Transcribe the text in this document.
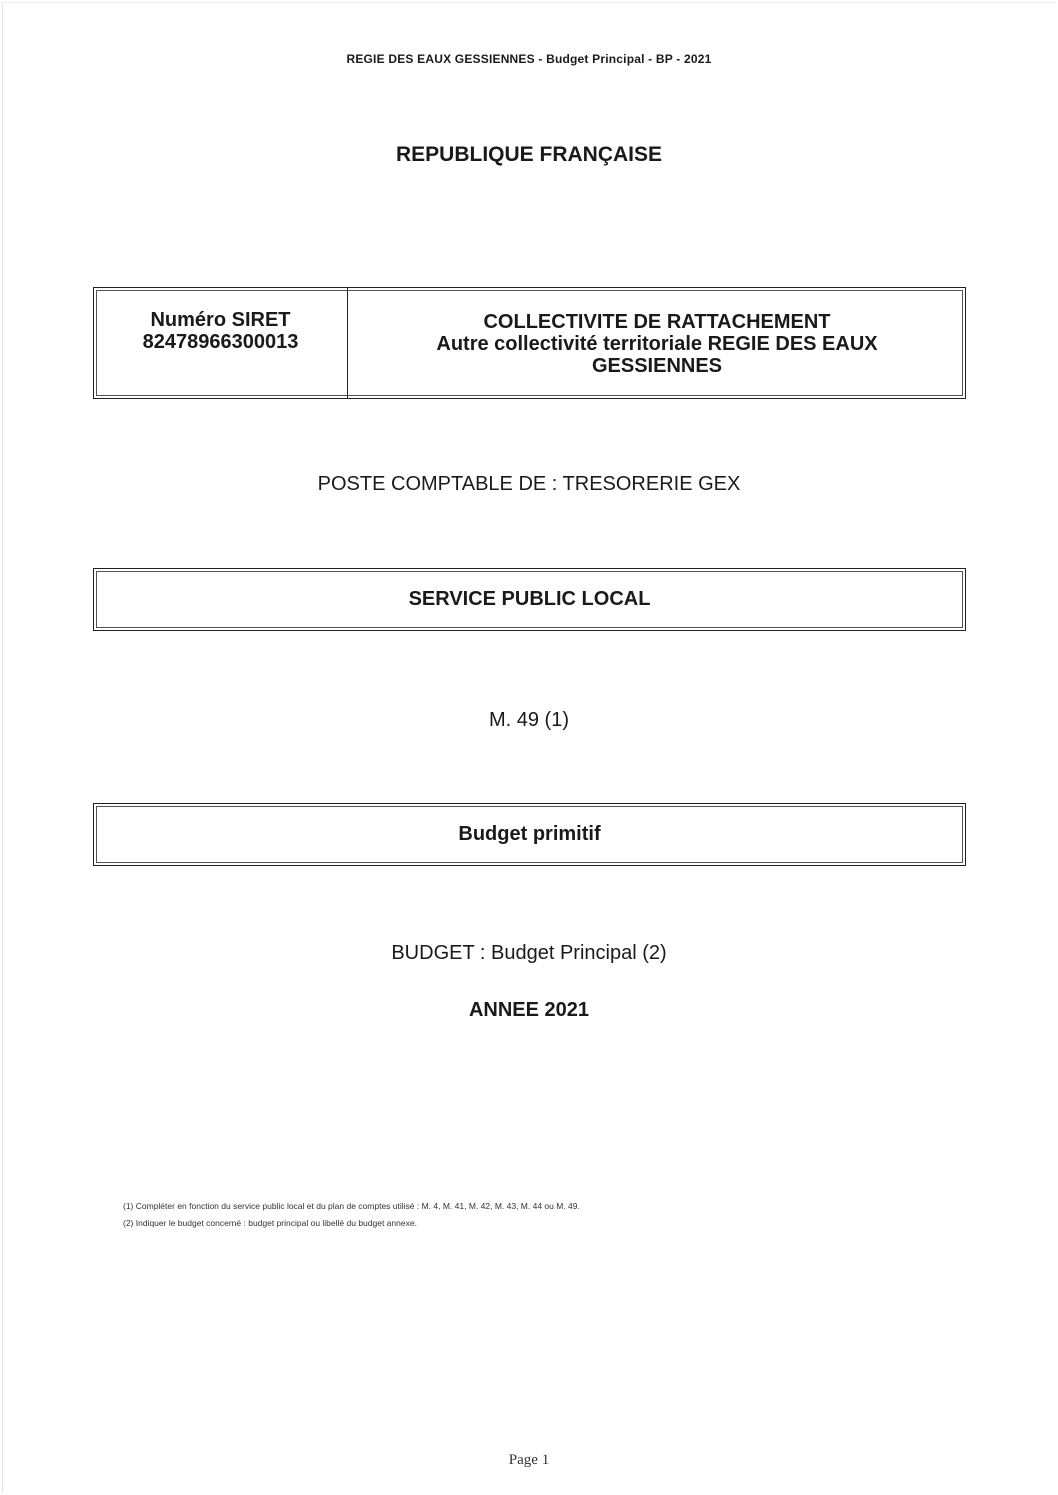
REGIE DES EAUX GESSIENNES - Budget Principal - BP - 2021
REPUBLIQUE FRANÇAISE
Numéro SIRET
82478966300013
COLLECTIVITE DE RATTACHEMENT
Autre collectivité territoriale REGIE DES EAUX
GESSIENNES
POSTE COMPTABLE DE : TRESORERIE GEX
SERVICE PUBLIC LOCAL
M. 49 (1)
Budget primitif
BUDGET : Budget Principal (2)
ANNEE 2021
(1) Compléter en fonction du service public local et du plan de comptes utilisé : M. 4, M. 41, M. 42, M. 43, M. 44 ou M. 49.
(2) Indiquer le budget concerné : budget principal ou libellé du budget annexe.
Page 1
